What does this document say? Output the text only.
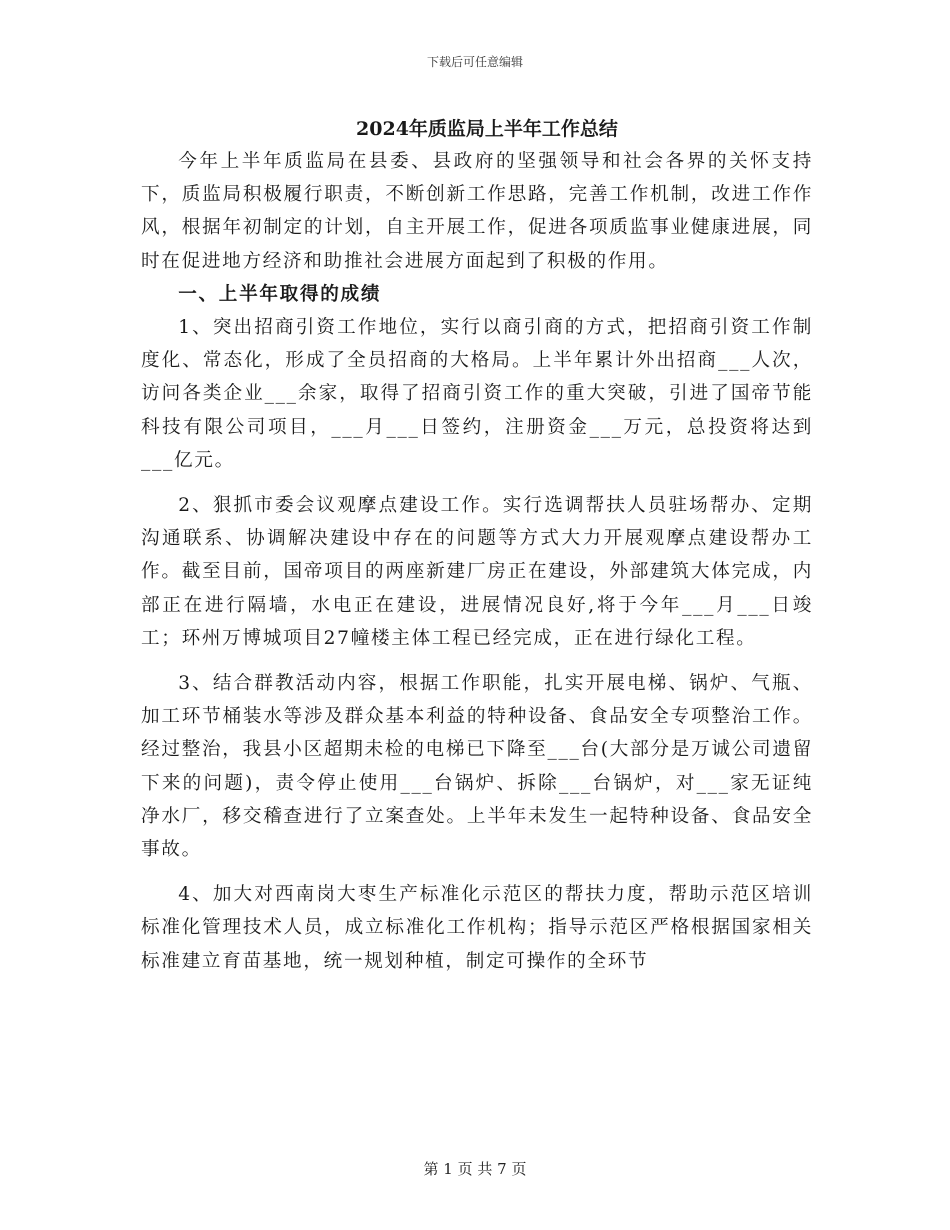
下载后可任意编辑
2024年质监局上半年工作总结

今年上半年质监局在县委、县政府的坚强领导和社会各界的关怀支持下，质监局积极履行职责，不断创新工作思路，完善工作机制，改进工作作风，根据年初制定的计划，自主开展工作，促进各项质监事业健康进展，同时在促进地方经济和助推社会进展方面起到了积极的作用。

一、上半年取得的成绩

1、突出招商引资工作地位，实行以商引商的方式，把招商引资工作制度化、常态化，形成了全员招商的大格局。上半年累计外出招商___人次，访问各类企业___余家，取得了招商引资工作的重大突破，引进了国帝节能科技有限公司项目，___月___日签约，注册资金___万元，总投资将达到___亿元。

2、狠抓市委会议观摩点建设工作。实行选调帮扶人员驻场帮办、定期沟通联系、协调解决建设中存在的问题等方式大力开展观摩点建设帮办工作。截至目前，国帝项目的两座新建厂房正在建设，外部建筑大体完成，内部正在进行隔墙，水电正在建设，进展情况良好,将于今年___月___日竣工；环州万博城项目27幢楼主体工程已经完成，正在进行绿化工程。

3、结合群教活动内容，根据工作职能，扎实开展电梯、锅炉、气瓶、加工环节桶装水等涉及群众基本利益的特种设备、食品安全专项整治工作。经过整治，我县小区超期未检的电梯已下降至___台(大部分是万诚公司遗留下来的问题)，责令停止使用___台锅炉、拆除___台锅炉，对___家无证纯净水厂，移交稽查进行了立案查处。上半年未发生一起特种设备、食品安全事故。

4、加大对西南岗大枣生产标准化示范区的帮扶力度，帮助示范区培训标准化管理技术人员，成立标准化工作机构；指导示范区严格根据国家相关标准建立育苗基地，统一规划种植，制定可操作的全环节

第 1 页 共 7 页
